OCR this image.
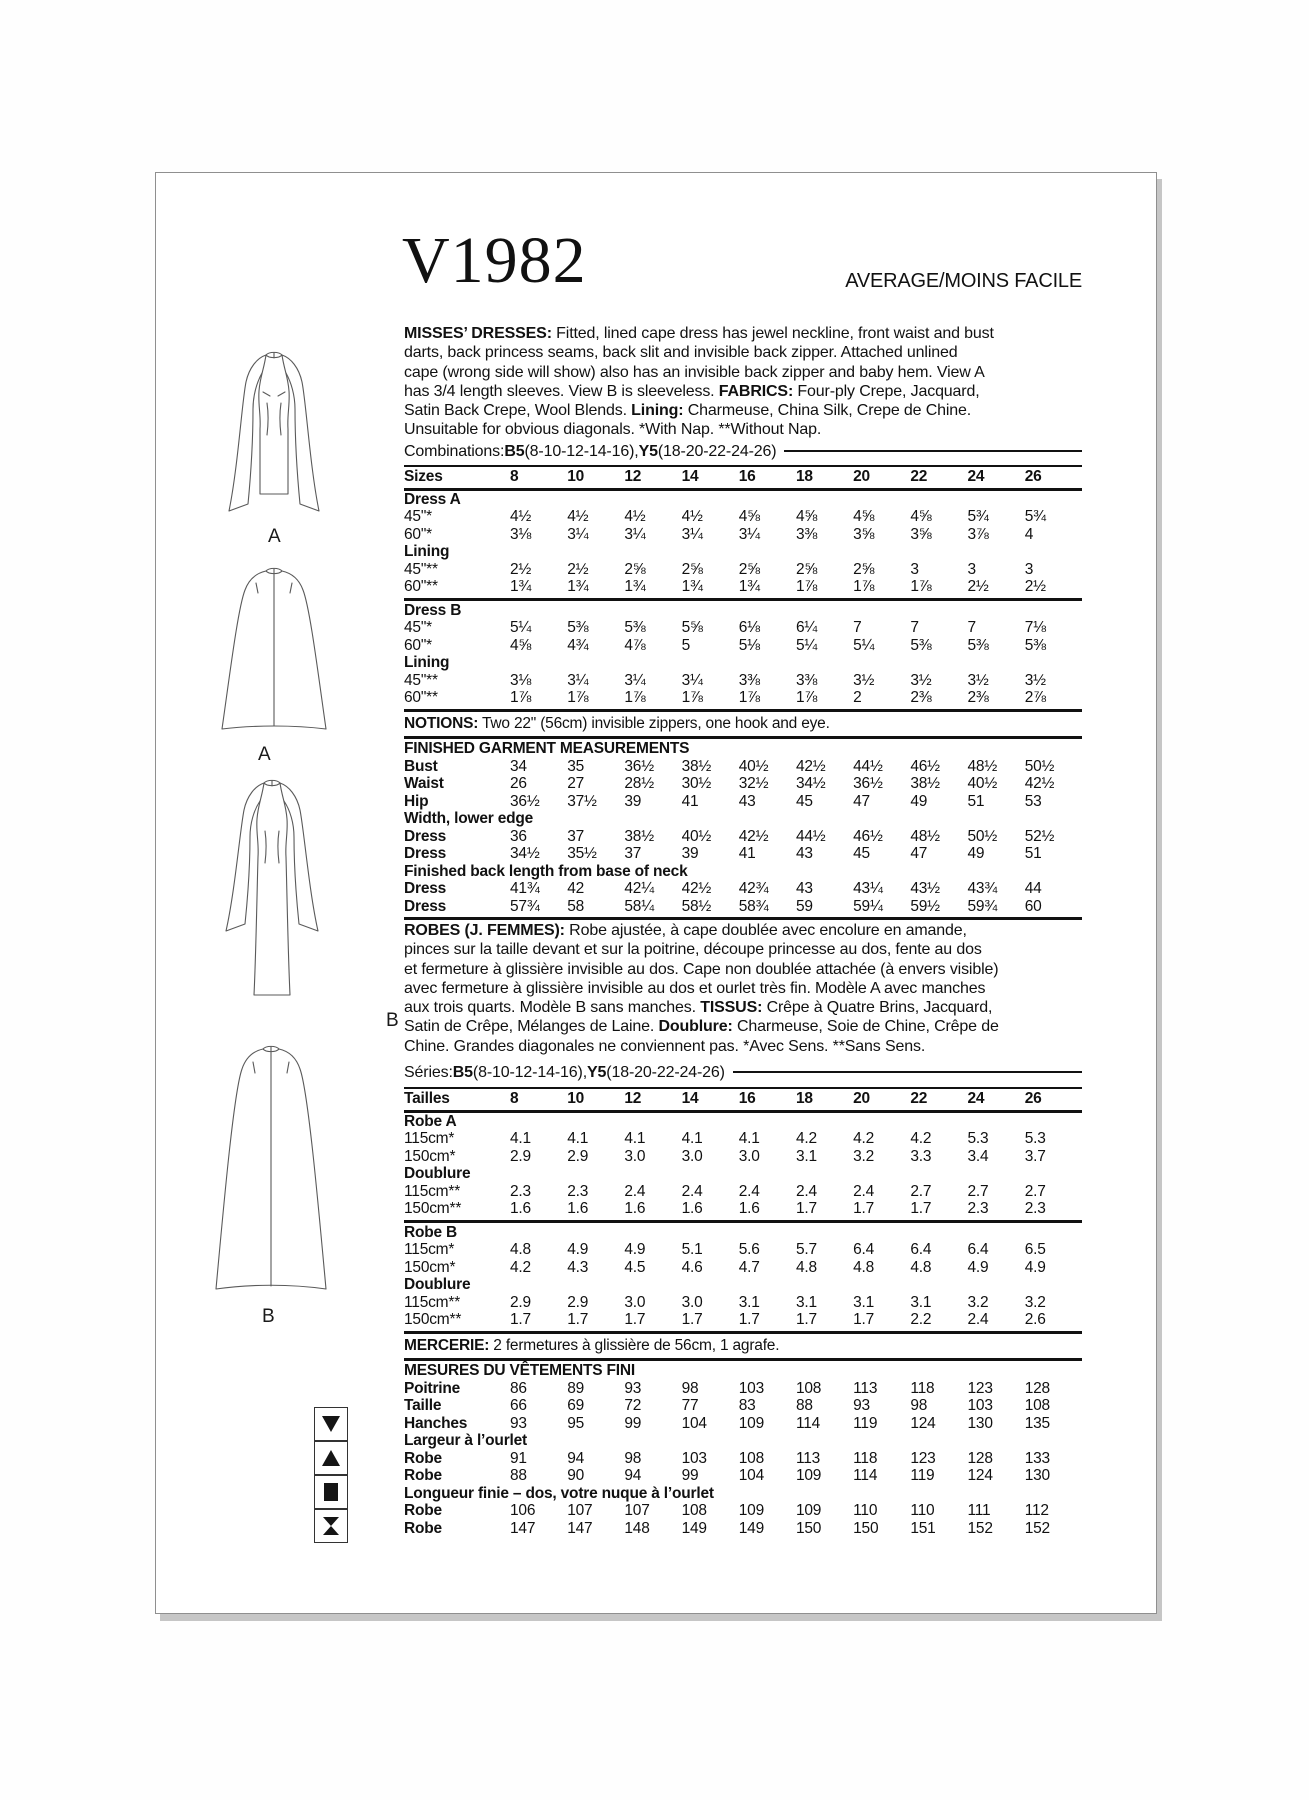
A
A
B
B
V1982	AVERAGE/MOINS FACILE
MISSES’ DRESSES: Fitted, lined cape dress has jewel neckline, front waist and bust
darts, back princess seams, back slit and invisible back zipper. Attached unlined
cape (wrong side will show) also has an invisible back zipper and baby hem. View A
has 3/4 length sleeves. View B is sleeveless. FABRICS: Four-ply Crepe, Jacquard,
Satin Back Crepe, Wool Blends. Lining: Charmeuse, China Silk, Crepe de Chine.
Unsuitable for obvious diagonals. *With Nap. **Without Nap.
Combinations: B5 (8-10-12-14-16), Y5 (18-20-22-24-26)
Sizes	8	10	12	14	16	18	20	22	24	26
Dress A
45"*	4½	4½	4½	4½	4⅝	4⅝	4⅝	4⅝	5¾	5¾
60"*	3⅛	3¼	3¼	3¼	3¼	3⅜	3⅝	3⅝	3⅞	4
Lining
45"**	2½	2½	2⅝	2⅝	2⅝	2⅝	2⅝	3	3	3
60"**	1¾	1¾	1¾	1¾	1¾	1⅞	1⅞	1⅞	2½	2½
Dress B
45"*	5¼	5⅜	5⅜	5⅝	6⅛	6¼	7	7	7	7⅛
60"*	4⅝	4¾	4⅞	5	5⅛	5¼	5¼	5⅜	5⅜	5⅜
Lining
45"**	3⅛	3¼	3¼	3¼	3⅜	3⅜	3½	3½	3½	3½
60"**	1⅞	1⅞	1⅞	1⅞	1⅞	1⅞	2	2⅜	2⅜	2⅞
NOTIONS: Two 22" (56cm) invisible zippers, one hook and eye.
FINISHED GARMENT MEASUREMENTS
Bust	34	35	36½	38½	40½	42½	44½	46½	48½	50½
Waist	26	27	28½	30½	32½	34½	36½	38½	40½	42½
Hip	36½	37½	39	41	43	45	47	49	51	53
Width, lower edge
Dress	36	37	38½	40½	42½	44½	46½	48½	50½	52½
Dress	34½	35½	37	39	41	43	45	47	49	51
Finished back length from base of neck
Dress	41¾	42	42¼	42½	42¾	43	43¼	43½	43¾	44
Dress	57¾	58	58¼	58½	58¾	59	59¼	59½	59¾	60
ROBES (J. FEMMES): Robe ajustée, à cape doublée avec encolure en amande,
pinces sur la taille devant et sur la poitrine, découpe princesse au dos, fente au dos
et fermeture à glissière invisible au dos. Cape non doublée attachée (à envers visible)
avec fermeture à glissière invisible au dos et ourlet très fin. Modèle A avec manches
aux trois quarts. Modèle B sans manches. TISSUS: Crêpe à Quatre Brins, Jacquard,
Satin de Crêpe, Mélanges de Laine. Doublure: Charmeuse, Soie de Chine, Crêpe de
Chine. Grandes diagonales ne conviennent pas. *Avec Sens. **Sans Sens.
Séries: B5 (8-10-12-14-16), Y5 (18-20-22-24-26)
Tailles	8	10	12	14	16	18	20	22	24	26
Robe A
115cm*	4.1	4.1	4.1	4.1	4.1	4.2	4.2	4.2	5.3	5.3
150cm*	2.9	2.9	3.0	3.0	3.0	3.1	3.2	3.3	3.4	3.7
Doublure
115cm**	2.3	2.3	2.4	2.4	2.4	2.4	2.4	2.7	2.7	2.7
150cm**	1.6	1.6	1.6	1.6	1.6	1.7	1.7	1.7	2.3	2.3
Robe B
115cm*	4.8	4.9	4.9	5.1	5.6	5.7	6.4	6.4	6.4	6.5
150cm*	4.2	4.3	4.5	4.6	4.7	4.8	4.8	4.8	4.9	4.9
Doublure
115cm**	2.9	2.9	3.0	3.0	3.1	3.1	3.1	3.1	3.2	3.2
150cm**	1.7	1.7	1.7	1.7	1.7	1.7	1.7	2.2	2.4	2.6
MERCERIE: 2 fermetures à glissière de 56cm, 1 agrafe.
MESURES DU VÊTEMENTS FINI
Poitrine	86	89	93	98	103	108	113	118	123	128
Taille	66	69	72	77	83	88	93	98	103	108
Hanches	93	95	99	104	109	114	119	124	130	135
Largeur à l’ourlet
Robe	91	94	98	103	108	113	118	123	128	133
Robe	88	90	94	99	104	109	114	119	124	130
Longueur finie – dos, votre nuque à l’ourlet
Robe	106	107	107	108	109	109	110	110	111	112
Robe	147	147	148	149	149	150	150	151	152	152
